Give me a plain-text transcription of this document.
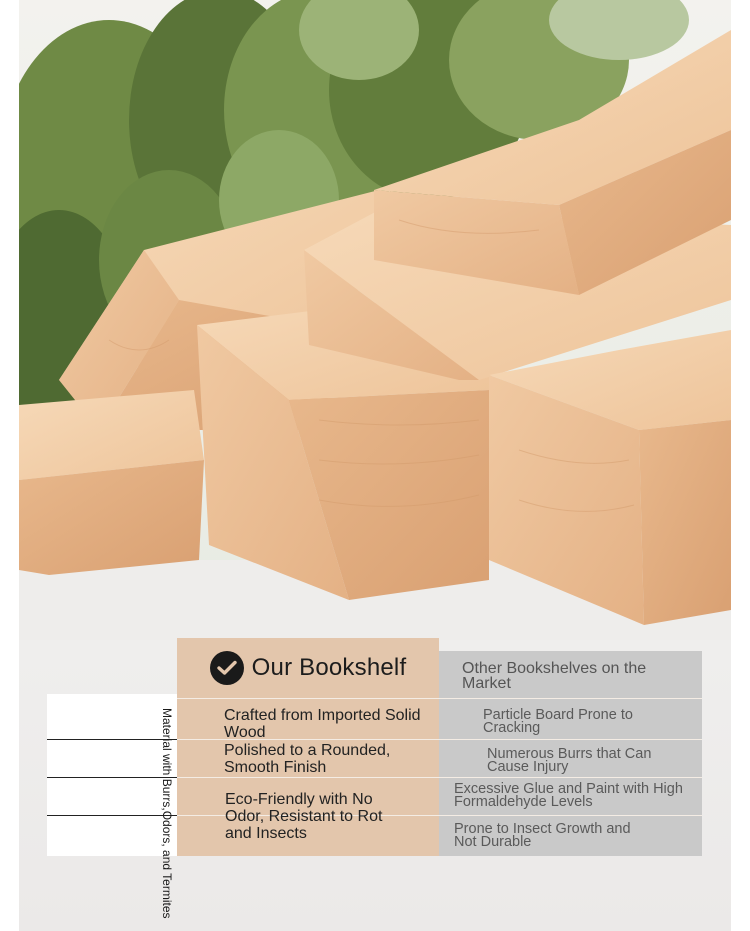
Our Bookshelf	Other Bookshelves on the Market
Crafted from Imported Solid Wood
Polished to a Rounded, Smooth Finish
Eco-Friendly with No Odor, Resistant to Rot and Insects
Particle Board Prone to Cracking
Numerous Burrs that Can Cause Injury
Excessive Glue and Paint with High Formaldehyde Levels
Prone to Insect Growth and Not Durable
Material with Burrs,Odors, and Termites
